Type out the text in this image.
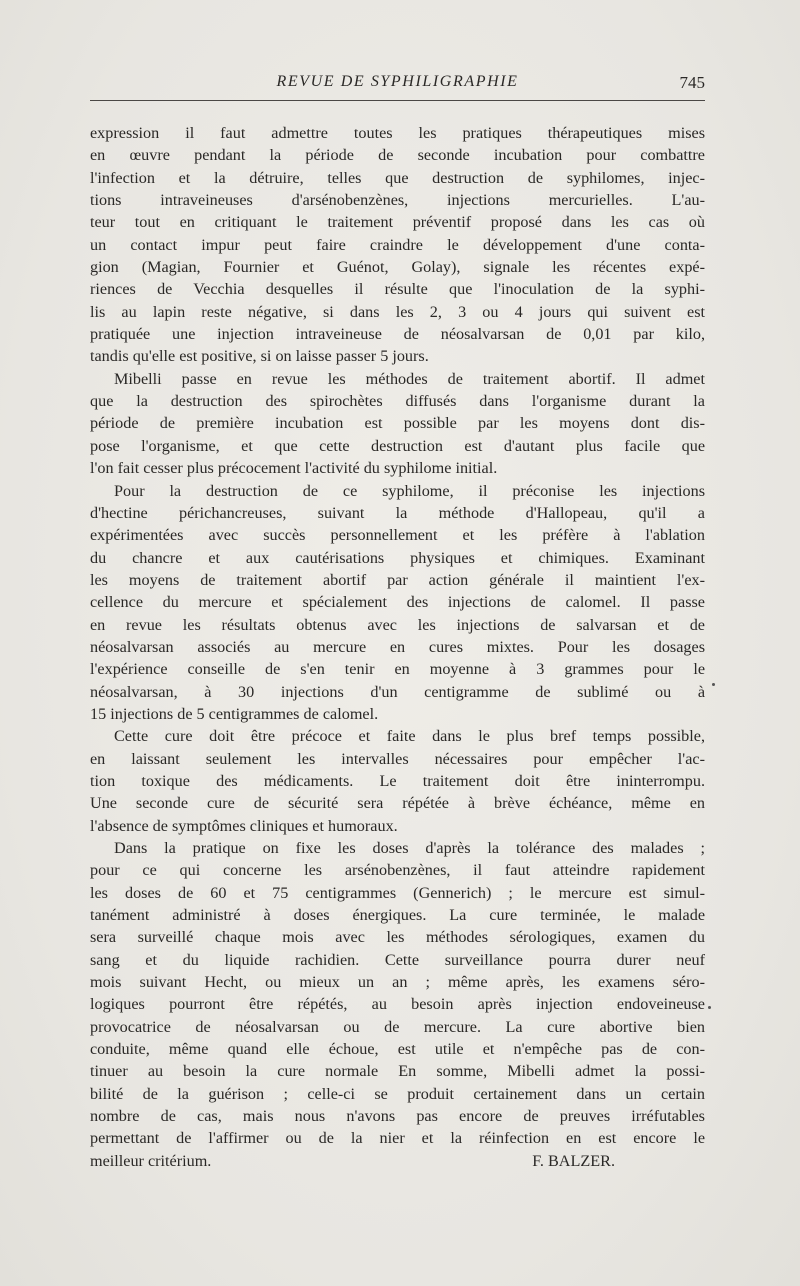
REVUE DE SYPHILIGRAPHIE	745
expression il faut admettre toutes les pratiques thérapeutiques mises
en œuvre pendant la période de seconde incubation pour combattre
l'infection et la détruire, telles que destruction de syphilomes, injec-
tions intraveineuses d'arsénobenzènes, injections mercurielles. L'au-
teur tout en critiquant le traitement préventif proposé dans les cas où
un contact impur peut faire craindre le développement d'une conta-
gion (Magian, Fournier et Guénot, Golay), signale les récentes expé-
riences de Vecchia desquelles il résulte que l'inoculation de la syphi-
lis au lapin reste négative, si dans les 2, 3 ou 4 jours qui suivent est
pratiquée une injection intraveineuse de néosalvarsan de 0,01 par kilo,
tandis qu'elle est positive, si on laisse passer 5 jours.
Mibelli passe en revue les méthodes de traitement abortif. Il admet
que la destruction des spirochètes diffusés dans l'organisme durant la
période de première incubation est possible par les moyens dont dis-
pose l'organisme, et que cette destruction est d'autant plus facile que
l'on fait cesser plus précocement l'activité du syphilome initial.
Pour la destruction de ce syphilome, il préconise les injections
d'hectine périchancreuses, suivant la méthode d'Hallopeau, qu'il a
expérimentées avec succès personnellement et les préfère à l'ablation
du chancre et aux cautérisations physiques et chimiques. Examinant
les moyens de traitement abortif par action générale il maintient l'ex-
cellence du mercure et spécialement des injections de calomel. Il passe
en revue les résultats obtenus avec les injections de salvarsan et de
néosalvarsan associés au mercure en cures mixtes. Pour les dosages
l'expérience conseille de s'en tenir en moyenne à 3 grammes pour le
néosalvarsan, à 30 injections d'un centigramme de sublimé ou à
15 injections de 5 centigrammes de calomel.
Cette cure doit être précoce et faite dans le plus bref temps possible,
en laissant seulement les intervalles nécessaires pour empêcher l'ac-
tion toxique des médicaments. Le traitement doit être ininterrompu.
Une seconde cure de sécurité sera répétée à brève échéance, même en
l'absence de symptômes cliniques et humoraux.
Dans la pratique on fixe les doses d'après la tolérance des malades ;
pour ce qui concerne les arsénobenzènes, il faut atteindre rapidement
les doses de 60 et 75 centigrammes (Gennerich) ; le mercure est simul-
tanément administré à doses énergiques. La cure terminée, le malade
sera surveillé chaque mois avec les méthodes sérologiques, examen du
sang et du liquide rachidien. Cette surveillance pourra durer neuf
mois suivant Hecht, ou mieux un an ; même après, les examens séro-
logiques pourront être répétés, au besoin après injection endoveineuse
provocatrice de néosalvarsan ou de mercure. La cure abortive bien
conduite, même quand elle échoue, est utile et n'empêche pas de con-
tinuer au besoin la cure normale En somme, Mibelli admet la possi-
bilité de la guérison ; celle-ci se produit certainement dans un certain
nombre de cas, mais nous n'avons pas encore de preuves irréfutables
permettant de l'affirmer ou de la nier et la réinfection en est encore le
meilleur critérium.	F. BALZER.
